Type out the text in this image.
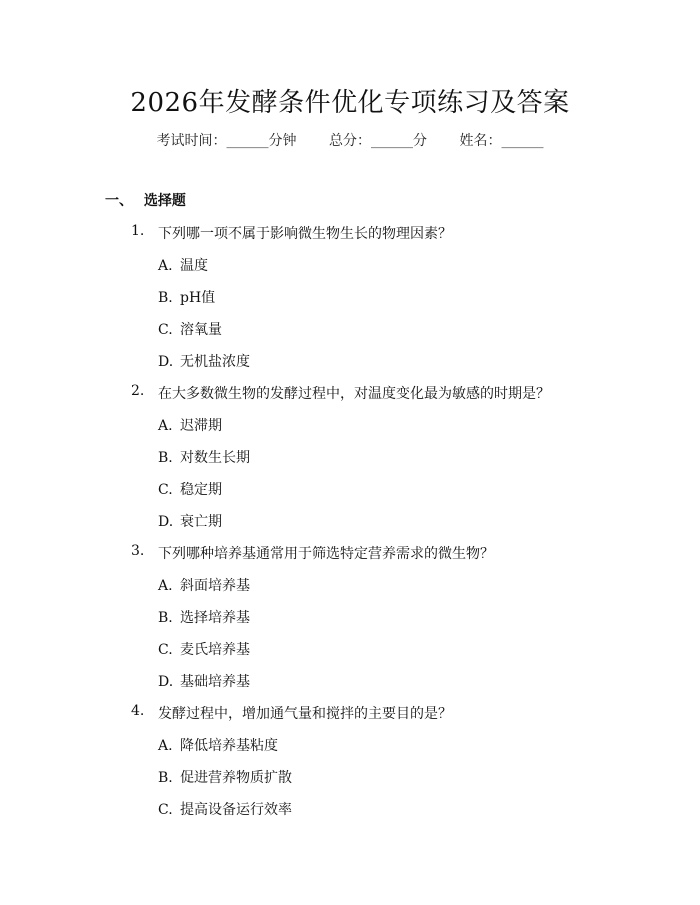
2026年发酵条件优化专项练习及答案
考试时间：______分钟 总分：______分 姓名：______
一、 选择题
1. 下列哪一项不属于影响微生物生长的物理因素？
A. 温度
B. pH值
C. 溶氧量
D. 无机盐浓度
2. 在大多数微生物的发酵过程中，对温度变化最为敏感的时期是？
A. 迟滞期
B. 对数生长期
C. 稳定期
D. 衰亡期
3. 下列哪种培养基通常用于筛选特定营养需求的微生物？
A. 斜面培养基
B. 选择培养基
C. 麦氏培养基
D. 基础培养基
4. 发酵过程中，增加通气量和搅拌的主要目的是？
A. 降低培养基粘度
B. 促进营养物质扩散
C. 提高设备运行效率
